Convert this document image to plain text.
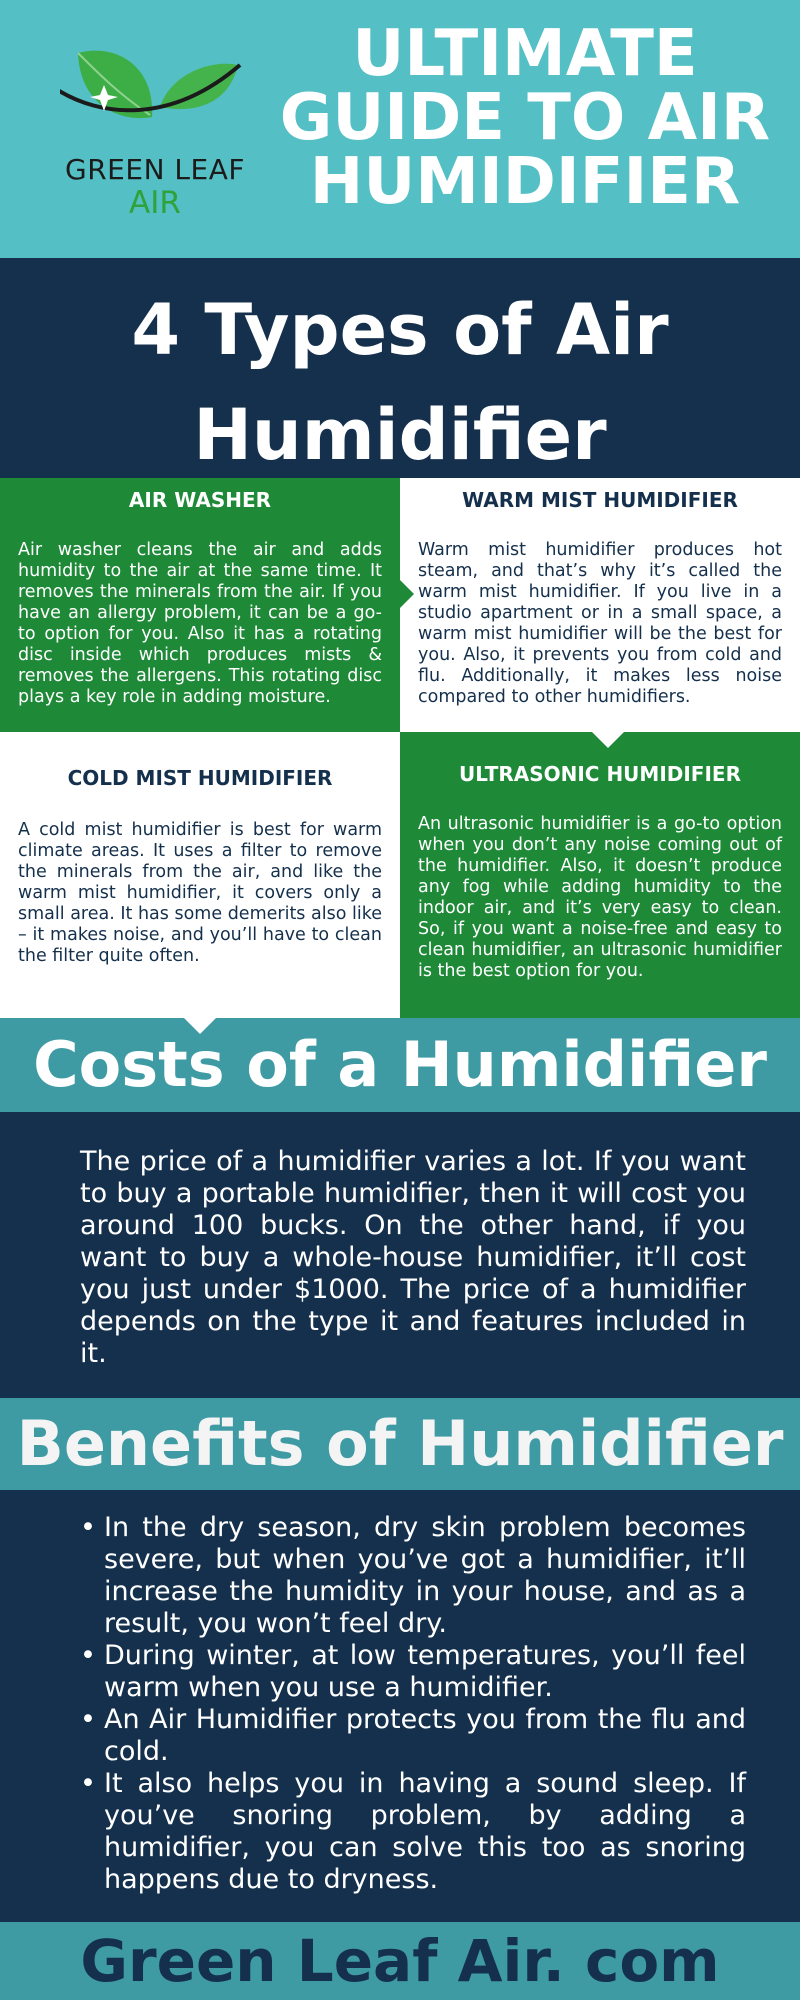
GREEN LEAF
AIR
ULTIMATE GUIDE TO AIR HUMIDIFIER
4 Types of Air Humidifier
AIR WASHER

Air washer cleans the air and adds humidity to the air at the same time. It removes the minerals from the air. If you have an allergy problem, it can be a go-to option for you. Also it has a rotating disc inside which produces mists & removes the allergens. This rotating disc plays a key role in adding moisture.

WARM MIST HUMIDIFIER

Warm mist humidifier produces hot steam, and that’s why it’s called the warm mist humidifier. If you live in a studio apartment or in a small space, a warm mist humidifier will be the best for you. Also, it prevents you from cold and flu. Additionally, it makes less noise compared to other humidifiers.

COLD MIST HUMIDIFIER

A cold mist humidifier is best for warm climate areas. It uses a filter to remove the minerals from the air, and like the warm mist humidifier, it covers only a small area. It has some demerits also like – it makes noise, and you’ll have to clean the filter quite often.

ULTRASONIC HUMIDIFIER

An ultrasonic humidifier is a go-to option when you don’t any noise coming out of the humidifier. Also, it doesn’t produce any fog while adding humidity to the indoor air, and it’s very easy to clean. So, if you want a noise-free and easy to clean humidifier, an ultrasonic humidifier is the best option for you.

Costs of a Humidifier

The price of a humidifier varies a lot. If you want to buy a portable humidifier, then it will cost you around 100 bucks. On the other hand, if you want to buy a whole-house humidifier, it’ll cost you just under $1000. The price of a humidifier depends on the type it and features included in it.

Benefits of Humidifier
• In the dry season, dry skin problem becomes severe, but when you’ve got a humidifier, it’ll increase the humidity in your house, and as a result, you won’t feel dry.
• During winter, at low temperatures, you’ll feel warm when you use a humidifier.
• An Air Humidifier protects you from the flu and cold.
• It also helps you in having a sound sleep. If you’ve snoring problem, by adding a humidifier, you can solve this too as snoring happens due to dryness.
Green Leaf Air. com
